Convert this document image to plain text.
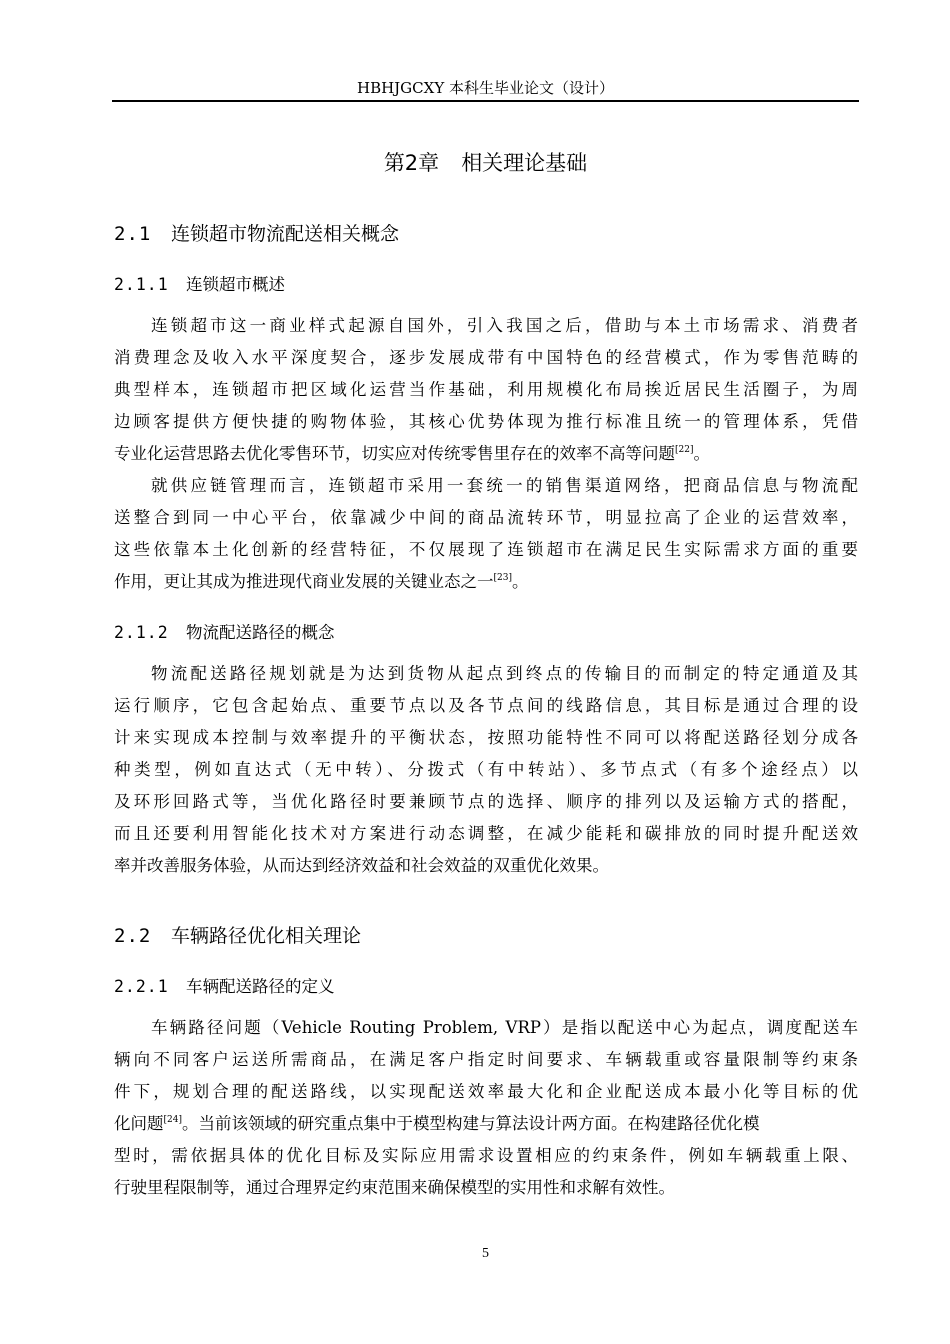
HBHJGCXY 本科生毕业论文（设计）
第2章 相关理论基础
2.1 连锁超市物流配送相关概念
2.1.1 连锁超市概述
连锁超市这一商业样式起源自国外，引入我国之后，借助与本土市场需求、消费者
消费理念及收入水平深度契合，逐步发展成带有中国特色的经营模式，作为零售范畴的
典型样本，连锁超市把区域化运营当作基础，利用规模化布局挨近居民生活圈子，为周
边顾客提供方便快捷的购物体验，其核心优势体现为推行标准且统一的管理体系，凭借
专业化运营思路去优化零售环节，切实应对传统零售里存在的效率不高等问题[22]。
就供应链管理而言，连锁超市采用一套统一的销售渠道网络，把商品信息与物流配
送整合到同一中心平台，依靠减少中间的商品流转环节，明显拉高了企业的运营效率，
这些依靠本土化创新的经营特征，不仅展现了连锁超市在满足民生实际需求方面的重要
作用，更让其成为推进现代商业发展的关键业态之一[23]。
2.1.2 物流配送路径的概念
物流配送路径规划就是为达到货物从起点到终点的传输目的而制定的特定通道及其
运行顺序，它包含起始点、重要节点以及各节点间的线路信息，其目标是通过合理的设
计来实现成本控制与效率提升的平衡状态，按照功能特性不同可以将配送路径划分成各
种类型，例如直达式（无中转）、分拨式（有中转站）、多节点式（有多个途经点）以
及环形回路式等，当优化路径时要兼顾节点的选择、顺序的排列以及运输方式的搭配，
而且还要利用智能化技术对方案进行动态调整，在减少能耗和碳排放的同时提升配送效
率并改善服务体验，从而达到经济效益和社会效益的双重优化效果。
2.2 车辆路径优化相关理论
2.2.1 车辆配送路径的定义
车辆路径问题（Vehicle Routing Problem, VRP）是指以配送中心为起点，调度配送车
辆向不同客户运送所需商品，在满足客户指定时间要求、车辆载重或容量限制等约束条
件下，规划合理的配送路线，以实现配送效率最大化和企业配送成本最小化等目标的优
化问题[24]。当前该领域的研究重点集中于模型构建与算法设计两方面。在构建路径优化模
型时，需依据具体的优化目标及实际应用需求设置相应的约束条件，例如车辆载重上限、
行驶里程限制等，通过合理界定约束范围来确保模型的实用性和求解有效性。
5
